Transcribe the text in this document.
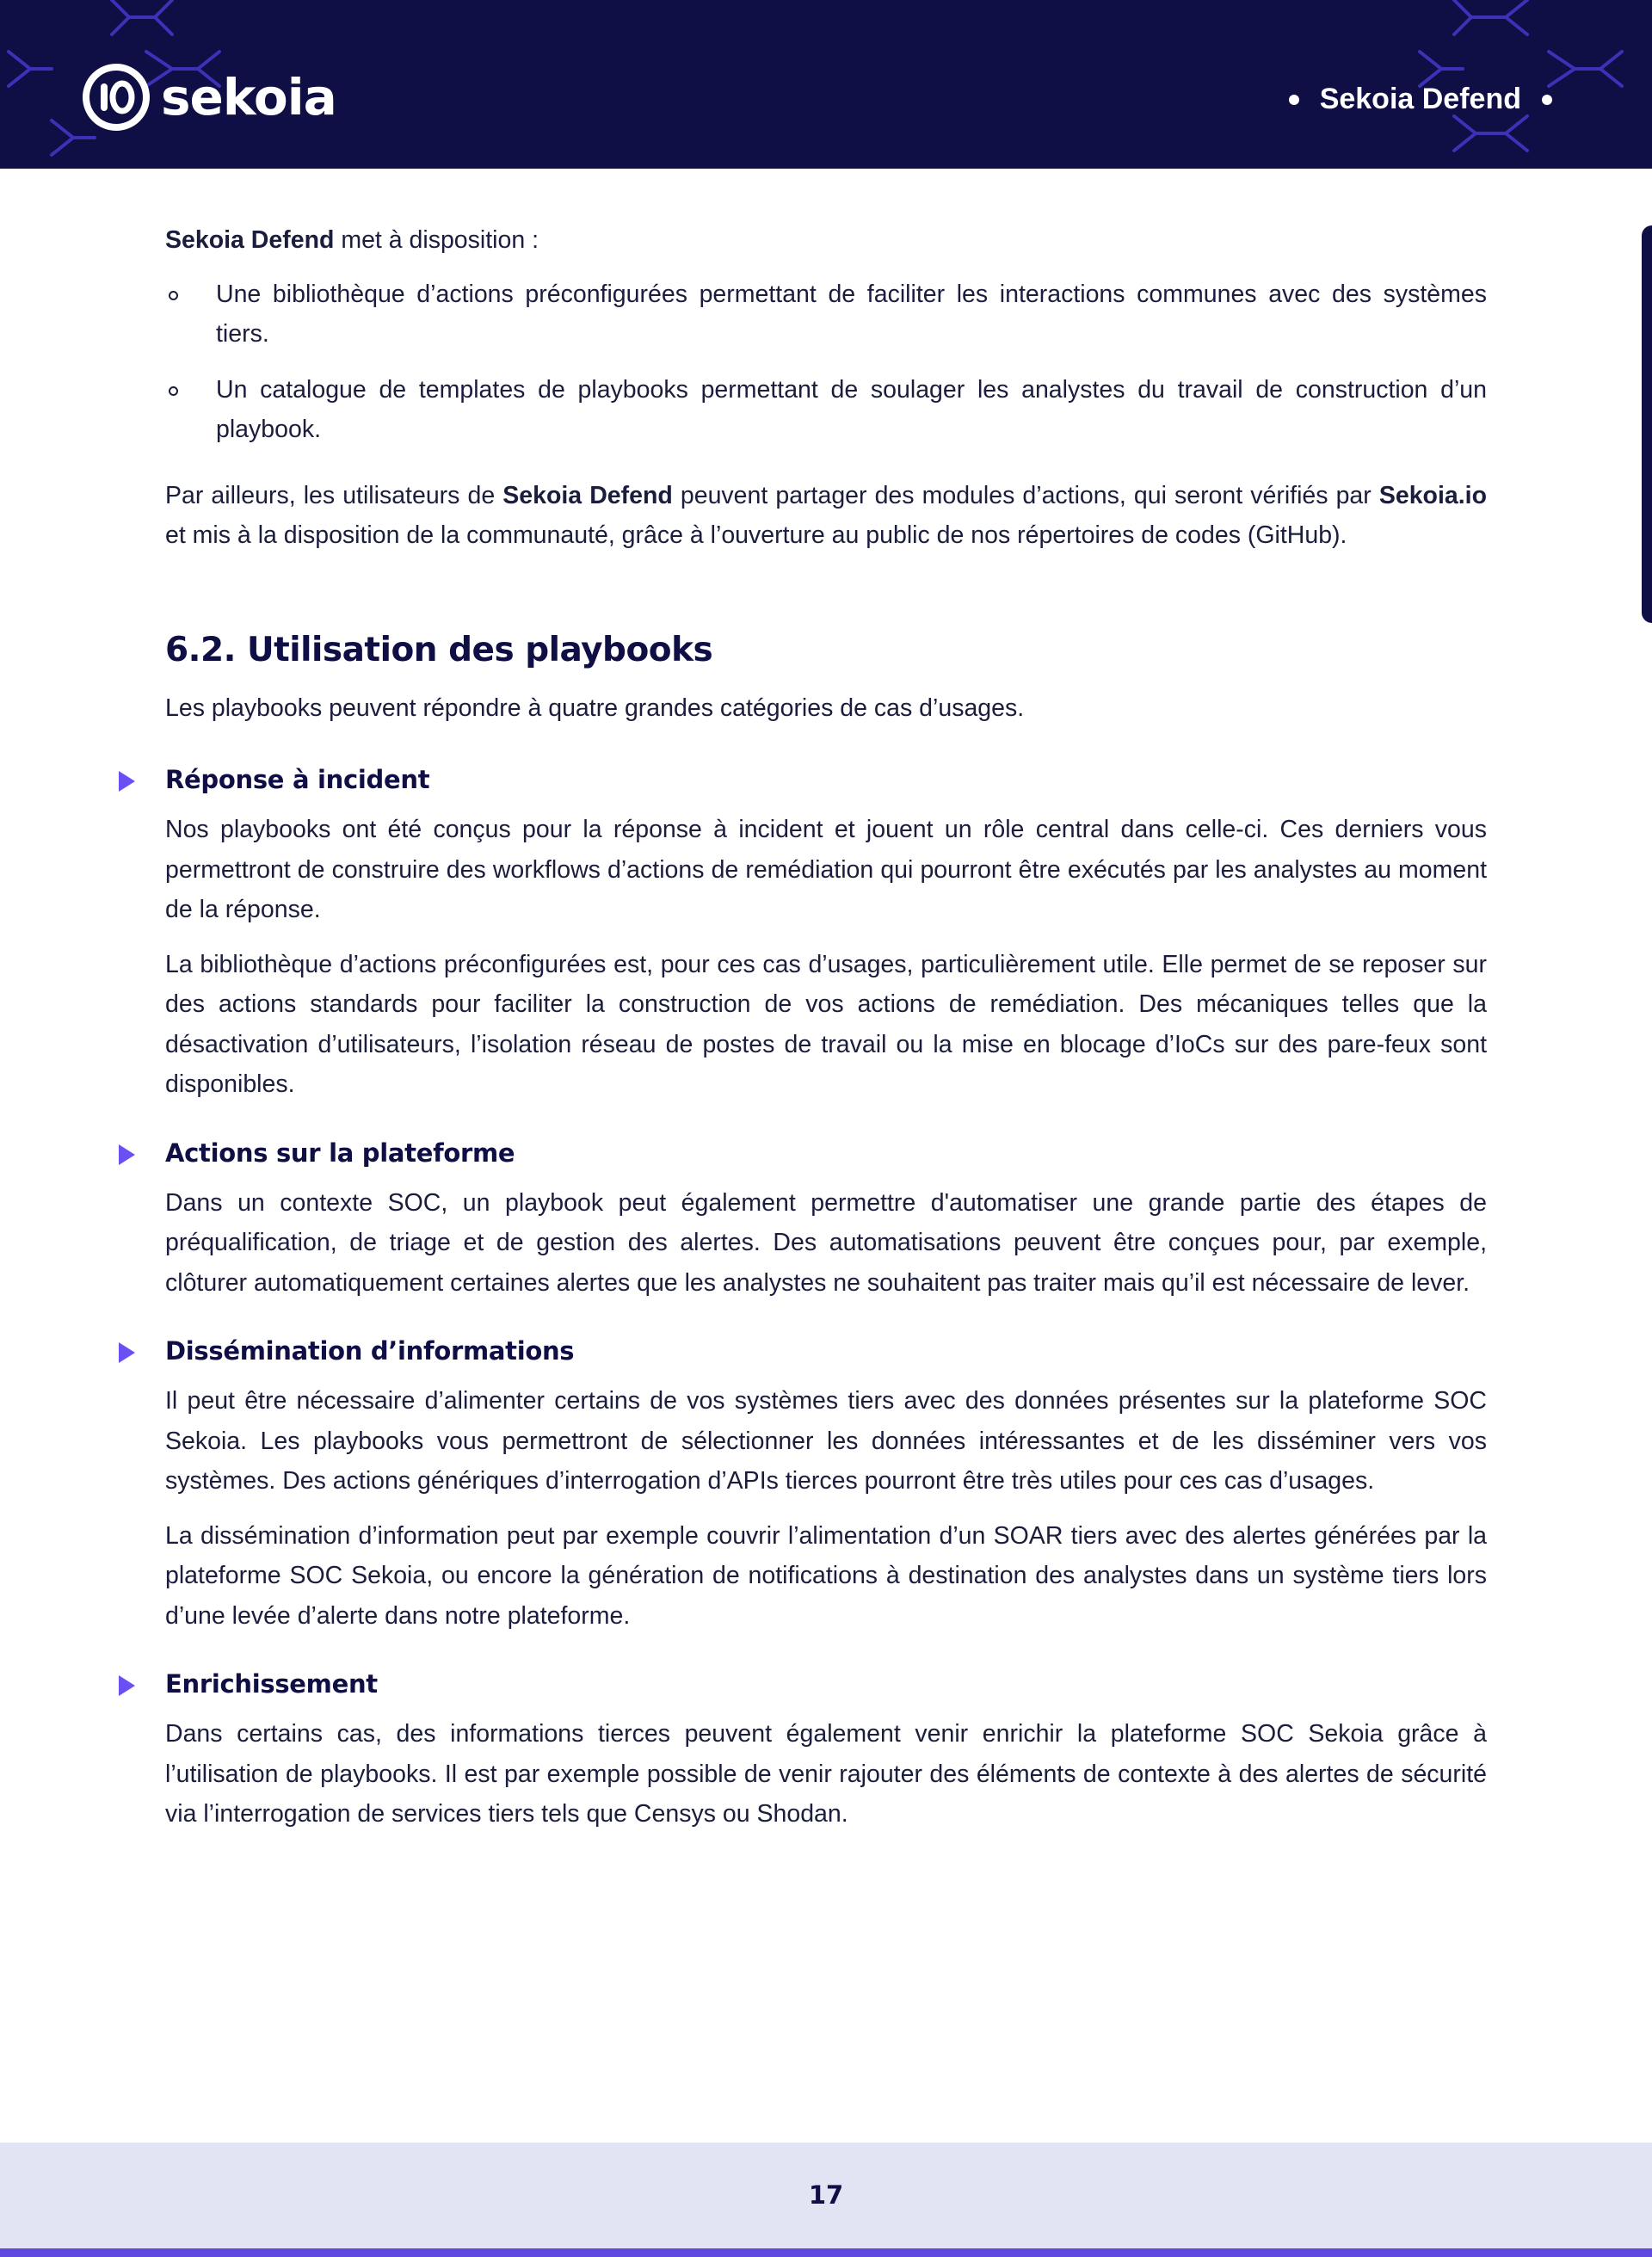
sekoia	Sekoia Defend

Sekoia Defend met à disposition :

Une bibliothèque d’actions préconfigurées permettant de faciliter les interactions communes avec des systèmes tiers.
Un catalogue de templates de playbooks permettant de soulager les analystes du travail de construction d’un playbook.

Par ailleurs, les utilisateurs de Sekoia Defend peuvent partager des modules d’actions, qui seront vérifiés par Sekoia.io et mis à la disposition de la communauté, grâce à l’ouverture au public de nos répertoires de codes (GitHub).

6.2. Utilisation des playbooks

Les playbooks peuvent répondre à quatre grandes catégories de cas d’usages.

Réponse à incident

Nos playbooks ont été conçus pour la réponse à incident et jouent un rôle central dans celle-ci. Ces derniers vous permettront de construire des workflows d’actions de remédiation qui pourront être exécutés par les analystes au moment de la réponse.

La bibliothèque d’actions préconfigurées est, pour ces cas d’usages, particulièrement utile. Elle permet de se reposer sur des actions standards pour faciliter la construction de vos actions de remédiation. Des mécaniques telles que la désactivation d’utilisateurs, l’isolation réseau de postes de travail ou la mise en blocage d’IoCs sur des pare-feux sont disponibles.

Actions sur la plateforme

Dans un contexte SOC, un playbook peut également permettre d'automatiser une grande partie des étapes de préqualification, de triage et de gestion des alertes. Des automatisations peuvent être conçues pour, par exemple, clôturer automatiquement certaines alertes que les analystes ne souhaitent pas traiter mais qu’il est nécessaire de lever.

Dissémination d’informations

Il peut être nécessaire d’alimenter certains de vos systèmes tiers avec des données présentes sur la plateforme SOC Sekoia. Les playbooks vous permettront de sélectionner les données intéressantes et de les disséminer vers vos systèmes. Des actions génériques d’interrogation d’APIs tierces pourront être très utiles pour ces cas d’usages.

La dissémination d’information peut par exemple couvrir l’alimentation d’un SOAR tiers avec des alertes générées par la plateforme SOC Sekoia, ou encore la génération de notifications à destination des analystes dans un système tiers lors d’une levée d’alerte dans notre plateforme.

Enrichissement

Dans certains cas, des informations tierces peuvent également venir enrichir la plateforme SOC Sekoia grâce à l’utilisation de playbooks. Il est par exemple possible de venir rajouter des éléments de contexte à des alertes de sécurité via l’interrogation de services tiers tels que Censys ou Shodan.

17
